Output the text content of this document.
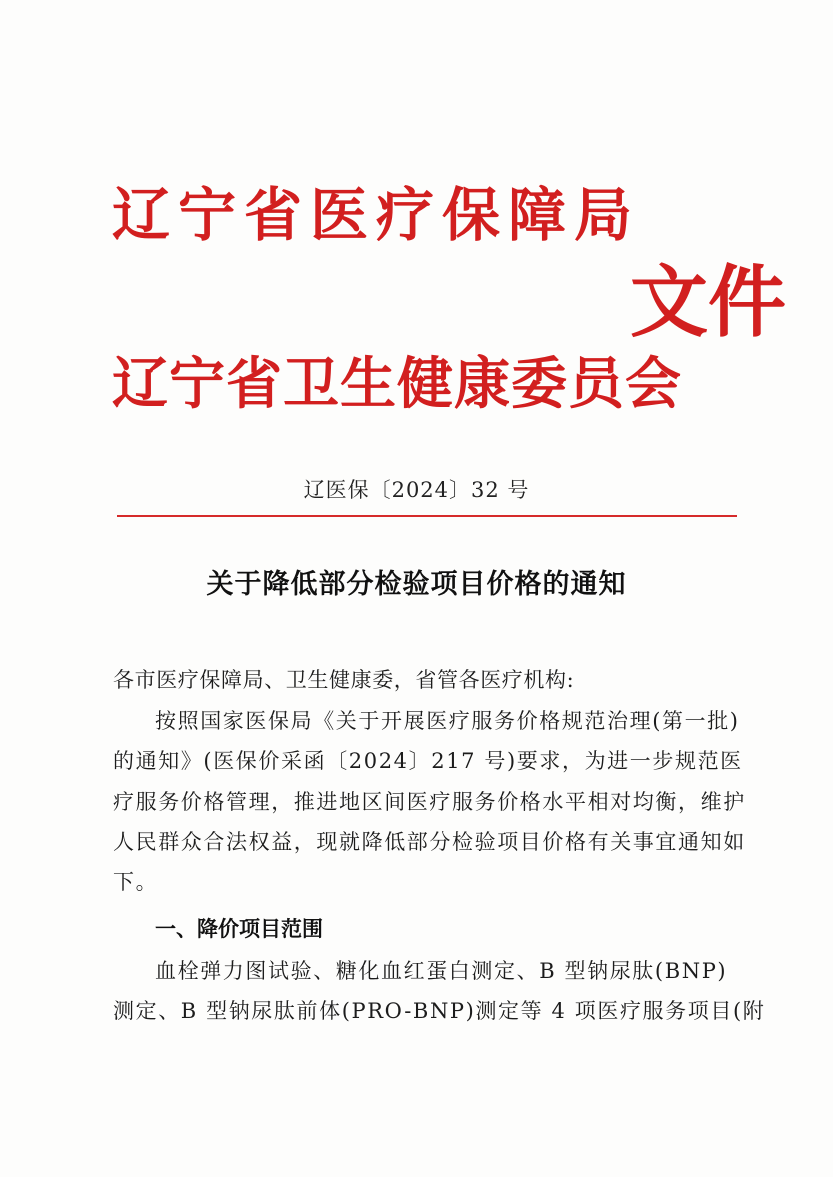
辽宁省医疗保障局
文件
辽宁省卫生健康委员会
辽医保〔2024〕32 号
关于降低部分检验项目价格的通知
各市医疗保障局、卫生健康委，省管各医疗机构:
按照国家医保局《关于开展医疗服务价格规范治理(第一批)
的通知》(医保价采函〔2024〕217 号)要求，为进一步规范医
疗服务价格管理，推进地区间医疗服务价格水平相对均衡，维护
人民群众合法权益，现就降低部分检验项目价格有关事宜通知如
下。
一、降价项目范围
血栓弹力图试验、糖化血红蛋白测定、B 型钠尿肽(BNP)
测定、B 型钠尿肽前体(PRO-BNP)测定等 4 项医疗服务项目(附
